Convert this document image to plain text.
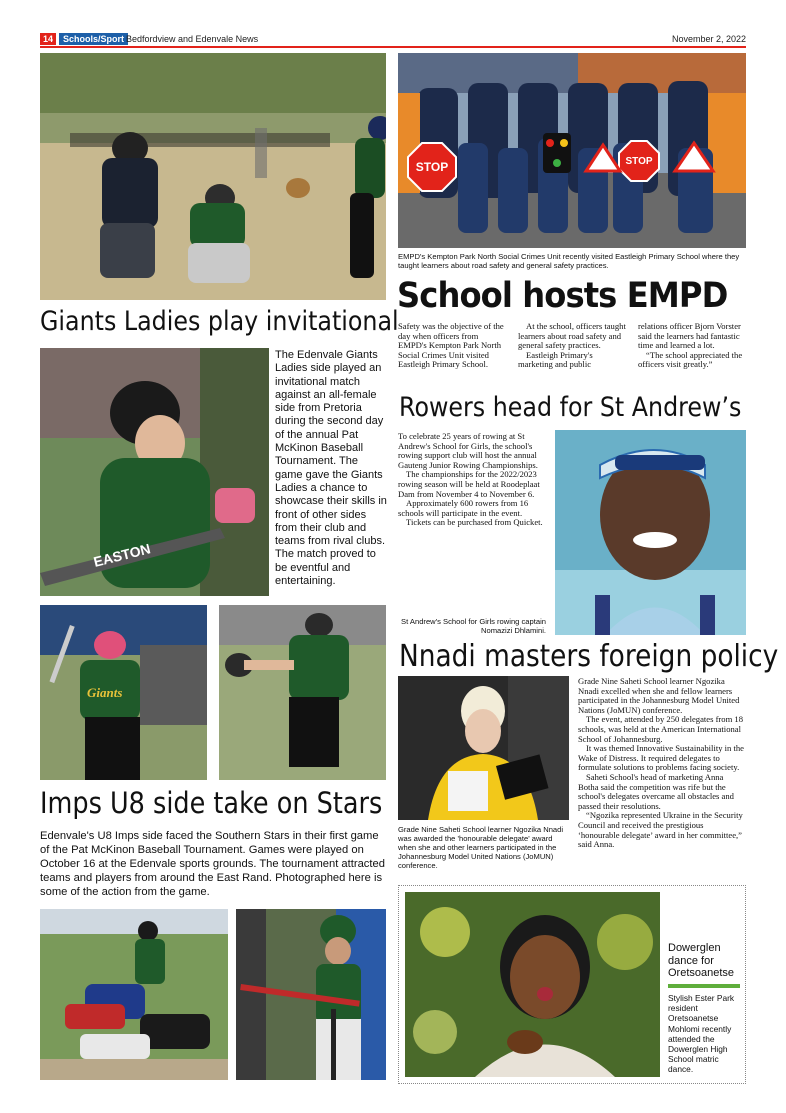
14	Schools/Sport Bedfordview and Edenvale News	November 2, 2022
STOP	STOP
EMPD's Kempton Park North Social Crimes Unit recently visited Eastleigh Primary School where they taught learners about road safety and general safety practices.
School hosts EMPD

Safety was the objective of the day when officers from EMPD's Kempton Park North Social Crimes Unit visited Eastleigh Primary School.

At the school, officers taught learners about road safety and general safety practices.

Eastleigh Primary's marketing and public

relations officer Bjorn Vorster said the learners had fantastic time and learned a lot.

“The school appreciated the officers visit greatly.”

Giants Ladies play invitational
EASTON
The Edenvale Giants Ladies side played an invitational match against an all-female side from Pretoria during the second day of the annual Pat McKinon Baseball Tournament. The game gave the Giants Ladies a chance to showcase their skills in front of other sides from their club and teams from rival clubs. The match proved to be eventful and entertaining.
Giants
Imps U8 side take on Stars
Edenvale's U8 Imps side faced the Southern Stars in their first game of the Pat McKinon Baseball Tournament. Games were played on October 16 at the Edenvale sports grounds. The tournament attracted teams and players from around the East Rand. Photographed here is some of the action from the game.
Rowers head for St Andrew’s

To celebrate 25 years of rowing at St Andrew's School for Girls, the school's rowing support club will host the annual Gauteng Junior Rowing Championships.

The championships for the 2022/2023 rowing season will be held at Roodeplaat Dam from November 4 to November 6.

Approximately 600 rowers from 16 schools will participate in the event.

Tickets can be purchased from Quicket.

St Andrew's School for Girls rowing captain Nomazizi Dhlamini.
Nnadi masters foreign policy
Grade Nine Saheti School learner Ngozika Nnadi was awarded the 'honourable delegate' award when she and other learners participated in the Johannesburg Model United Nations (JoMUN) conference.

Grade Nine Saheti School learner Ngozika Nnadi excelled when she and fellow learners participated in the Johannesburg Model United Nations (JoMUN) conference.

The event, attended by 250 delegates from 18 schools, was held at the American International School of Johannesburg.

It was themed Innovative Sustainability in the Wake of Distress. It required delegates to formulate solutions to problems facing society.

Saheti School's head of marketing Anna Botha said the competition was rife but the school's delegates overcame all obstacles and passed their resolutions.

“Ngozika represented Ukraine in the Security Council and received the prestigious ‘honourable delegate’ award in her committee,” said Anna.

Dowerglen dance for Oretsoanetse
Stylish Ester Park resident Oretsoanetse Mohlomi recently attended the Dowerglen High School matric dance.
